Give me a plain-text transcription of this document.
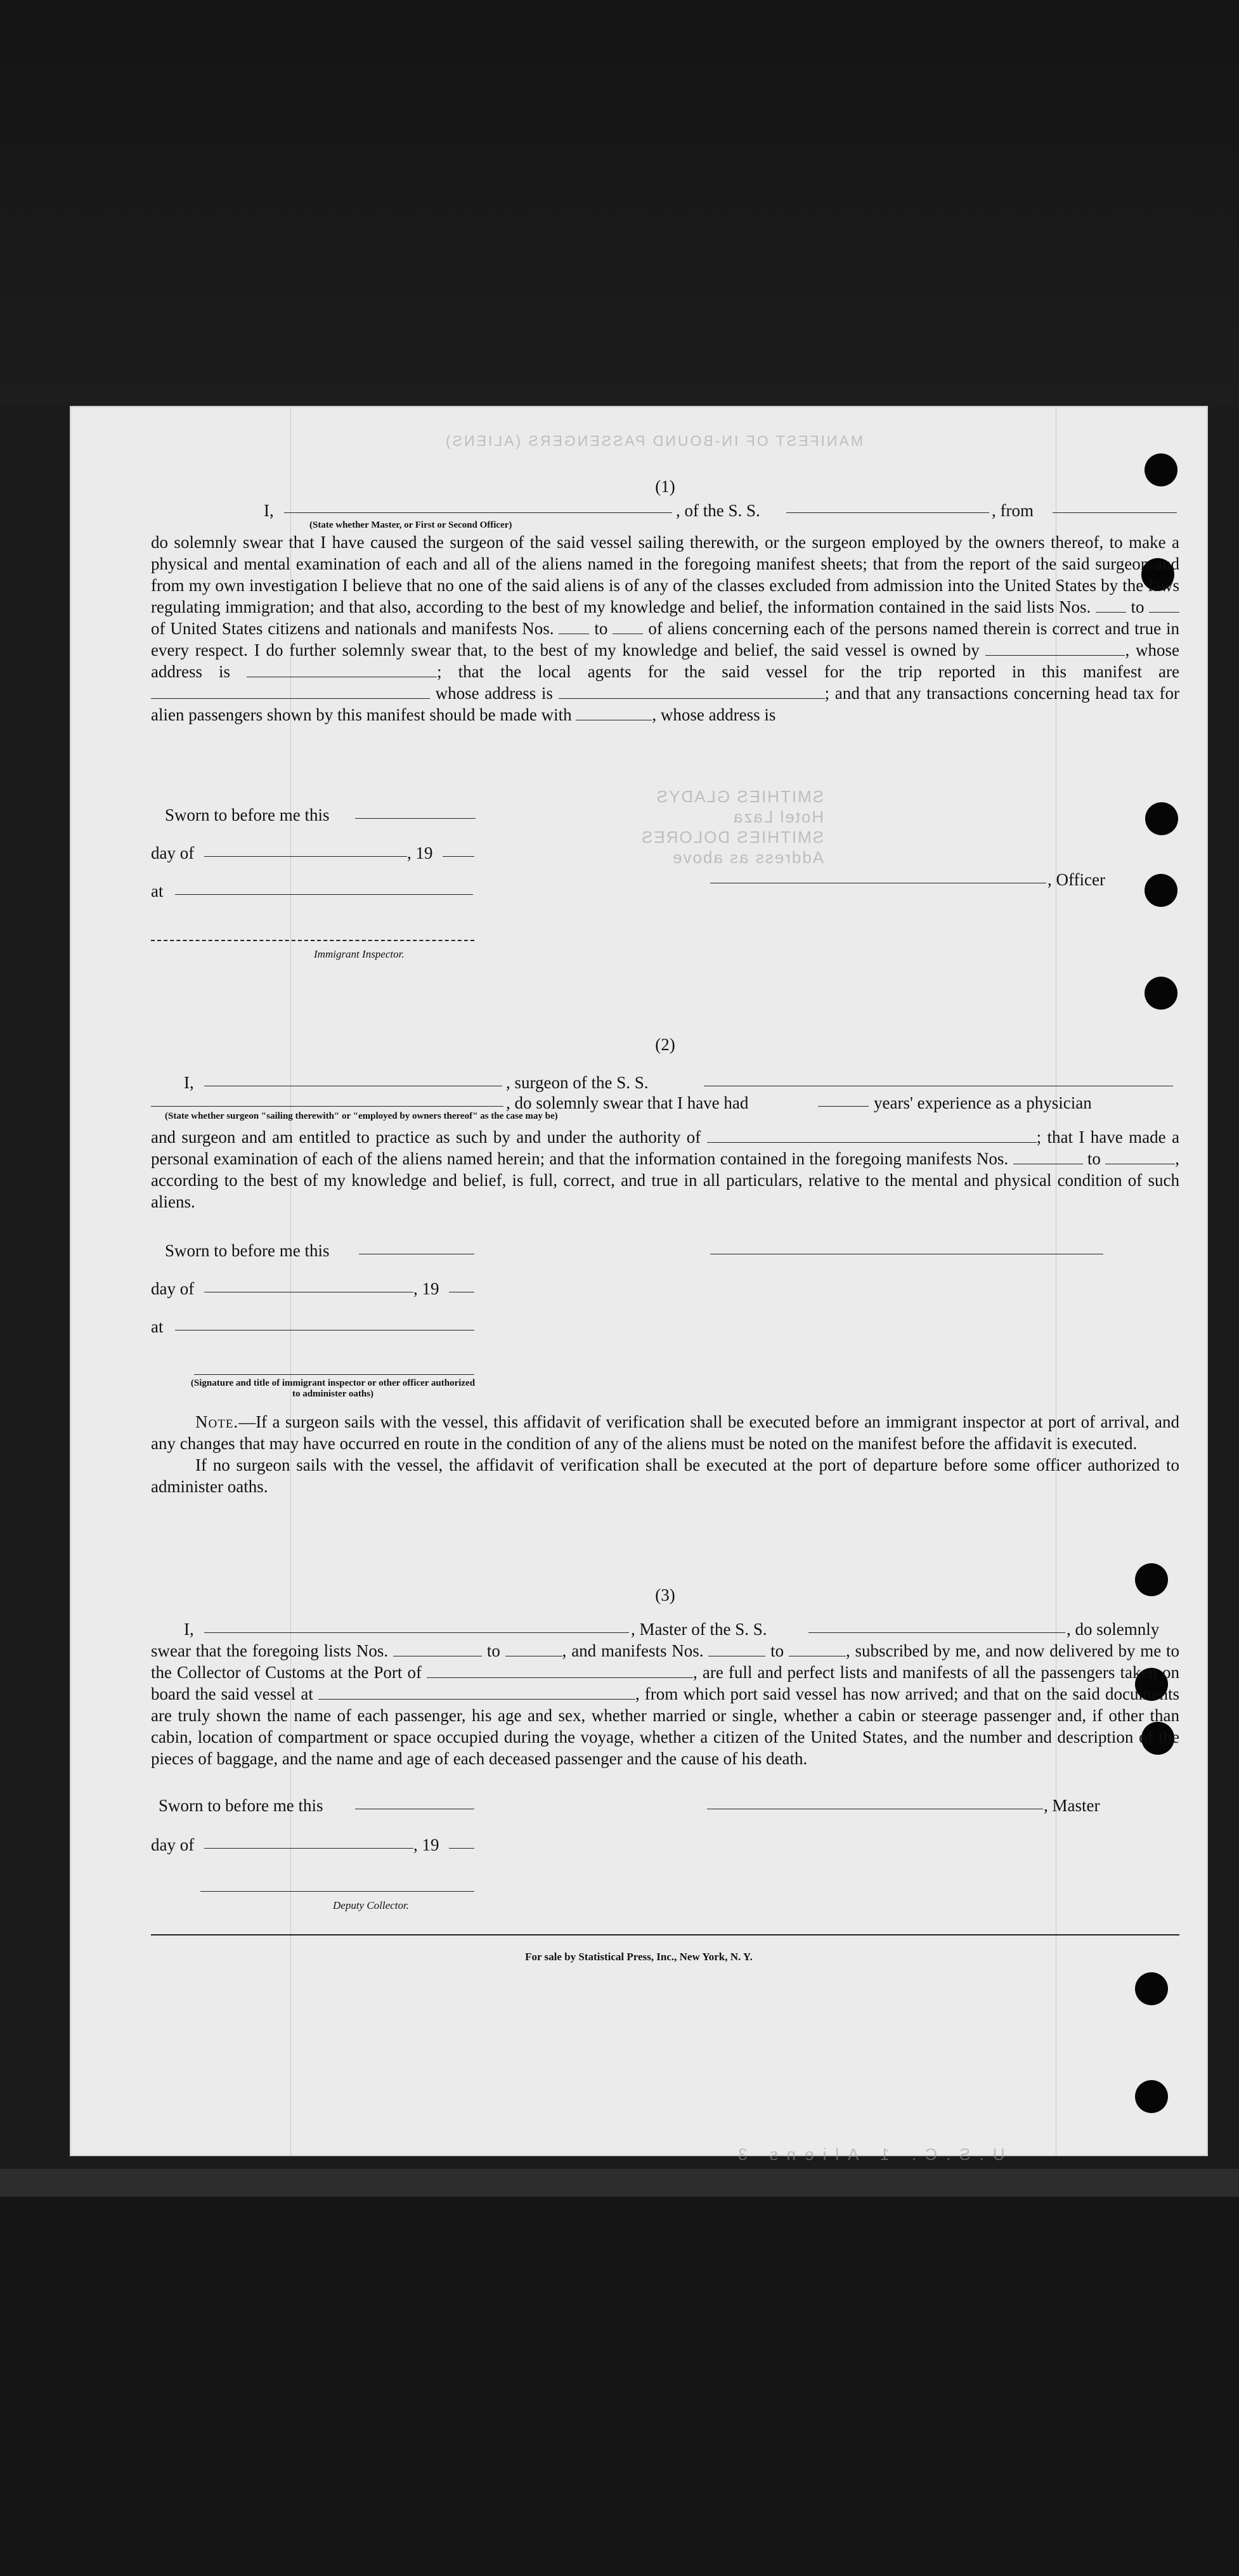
MANIFEST OF IN-BOUND PASSENGERS (ALIENS)
SMITHIES GLADYS
Hotel Laza
SMITHIES DOLORES
Address as above
U.S.C. 1 Aliens 3
(1)
I,	, of the S. S.	, from
(State whether Master, or First or Second Officer)

do solemnly swear that I have caused the surgeon of the said vessel sailing therewith, or the surgeon employed by the owners thereof, to make a physical and mental examination of each and all of the aliens named in the foregoing manifest sheets; that from the report of the said surgeon and from my own investigation I believe that no one of the said aliens is of any of the classes excluded from admission into the United States by the laws regulating immigration; and that also, according to the best of my knowledge and belief, the information contained in the said lists Nos. to  of United States citizens and nationals and manifests Nos. to of aliens concerning each of the persons named therein is correct and true in every respect. I do further solemnly swear that, to the best of my knowledge and belief, the said vessel is owned by	, whose address is	; that the local agents for the said vessel for the trip reported in this manifest are  whose address is	; and that any transactions concerning head tax for alien passengers shown by this manifest should be made with	, whose address is

Sworn to before me this
day of	, 19
at
, Officer
Immigrant Inspector.
(2)
I,	, surgeon of the S. S.
, do solemnly swear that I have had	years' experience as a physician
(State whether surgeon "sailing therewith" or "employed by owners thereof" as the case may be)

and surgeon and am entitled to practice as such by and under the authority of	; that I have made a personal examination of each of the aliens named herein; and that the information contained in the foregoing manifests Nos.	to	, according to the best of my knowledge and belief, is full, correct, and true in all particulars, relative to the mental and physical condition of such aliens.

Sworn to before me this
day of	, 19
at
(Signature and title of immigrant inspector or other officer authorized to administer oaths)

Note.—If a surgeon sails with the vessel, this affidavit of verification shall be executed before an immigrant inspector at port of arrival, and any changes that may have occurred en route in the condition of any of the aliens must be noted on the manifest before the affidavit is executed.

If no surgeon sails with the vessel, the affidavit of verification shall be executed at the port of departure before some officer authorized to administer oaths.

(3)
I,	, Master of the S. S.	, do solemnly

swear that the foregoing lists Nos.	to	, and manifests Nos.	to	, subscribed by me, and now delivered by me to the Collector of Customs at the Port of	, are full and perfect lists and manifests of all the passengers taken on board the said vessel at	, from which port said vessel has now arrived; and that on the said documents are truly shown the name of each passenger, his age and sex, whether married or single, whether a cabin or steerage passenger and, if other than cabin, location of compartment or space occupied during the voyage, whether a citizen of the United States, and the number and description of the pieces of baggage, and the name and age of each deceased passenger and the cause of his death.

Sworn to before me this	, Master
day of	, 19
Deputy Collector.
For sale by Statistical Press, Inc., New York, N. Y.
